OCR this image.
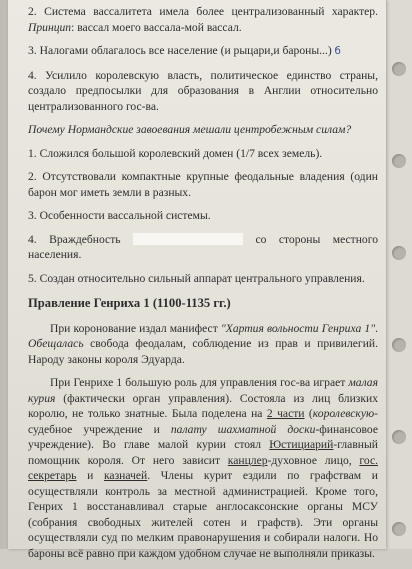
2. Система вассалитета имела более централизованный характер. Принцип: вассал моего вассала-мой вассал.

3. Налогами облагалось все население (и рыцари,и бароны...) б

4. Усилило королевскую власть, политическое единство страны, создало предпосылки для образования в Англии относительно централизованного гос-ва.

Почему Нормандские завоевания мешали центробежным силам?

1. Сложился большой королевский домен (1/7 всех земель).

2. Отсутствовали компактные крупные феодальные владения (один барон мог иметь земли в разных.

3. Особенности вассальной системы.

4. Враждебность	со стороны местного населения.

5. Создан относительно сильный аппарат центрального управления.

Правление Генриха 1 (1100-1135 гг.)

При коронование издал манифест "Хартия вольности Генриха 1". Обещалась свобода феодалам, соблюдение из прав и привилегий. Народу законы короля Эдуарда.

При Генрихе 1 большую роль для управления гос-ва играет малая курия (фактически орган управления). Состояла из лиц близких королю, не только знатные. Была поделена на 2 части (королевскую-судебное учреждение и палату шахматной доски-финансовое учреждение). Во главе малой курии стоял Юстициарий-главный помощник короля. От него зависит канцлер-духовное лицо, гос. секретарь и казначей. Члены курит ездили по графствам и осуществляли контроль за местной администрацией. Кроме того, Генрих 1 восстанавливал старые англосаксонские органы МСУ (собрания свободных жителей сотен и графств). Эти органы осуществляли суд по мелким правонарушения и собирали налоги. Но бароны всё равно при каждом удобном случае не выполняли приказы.
